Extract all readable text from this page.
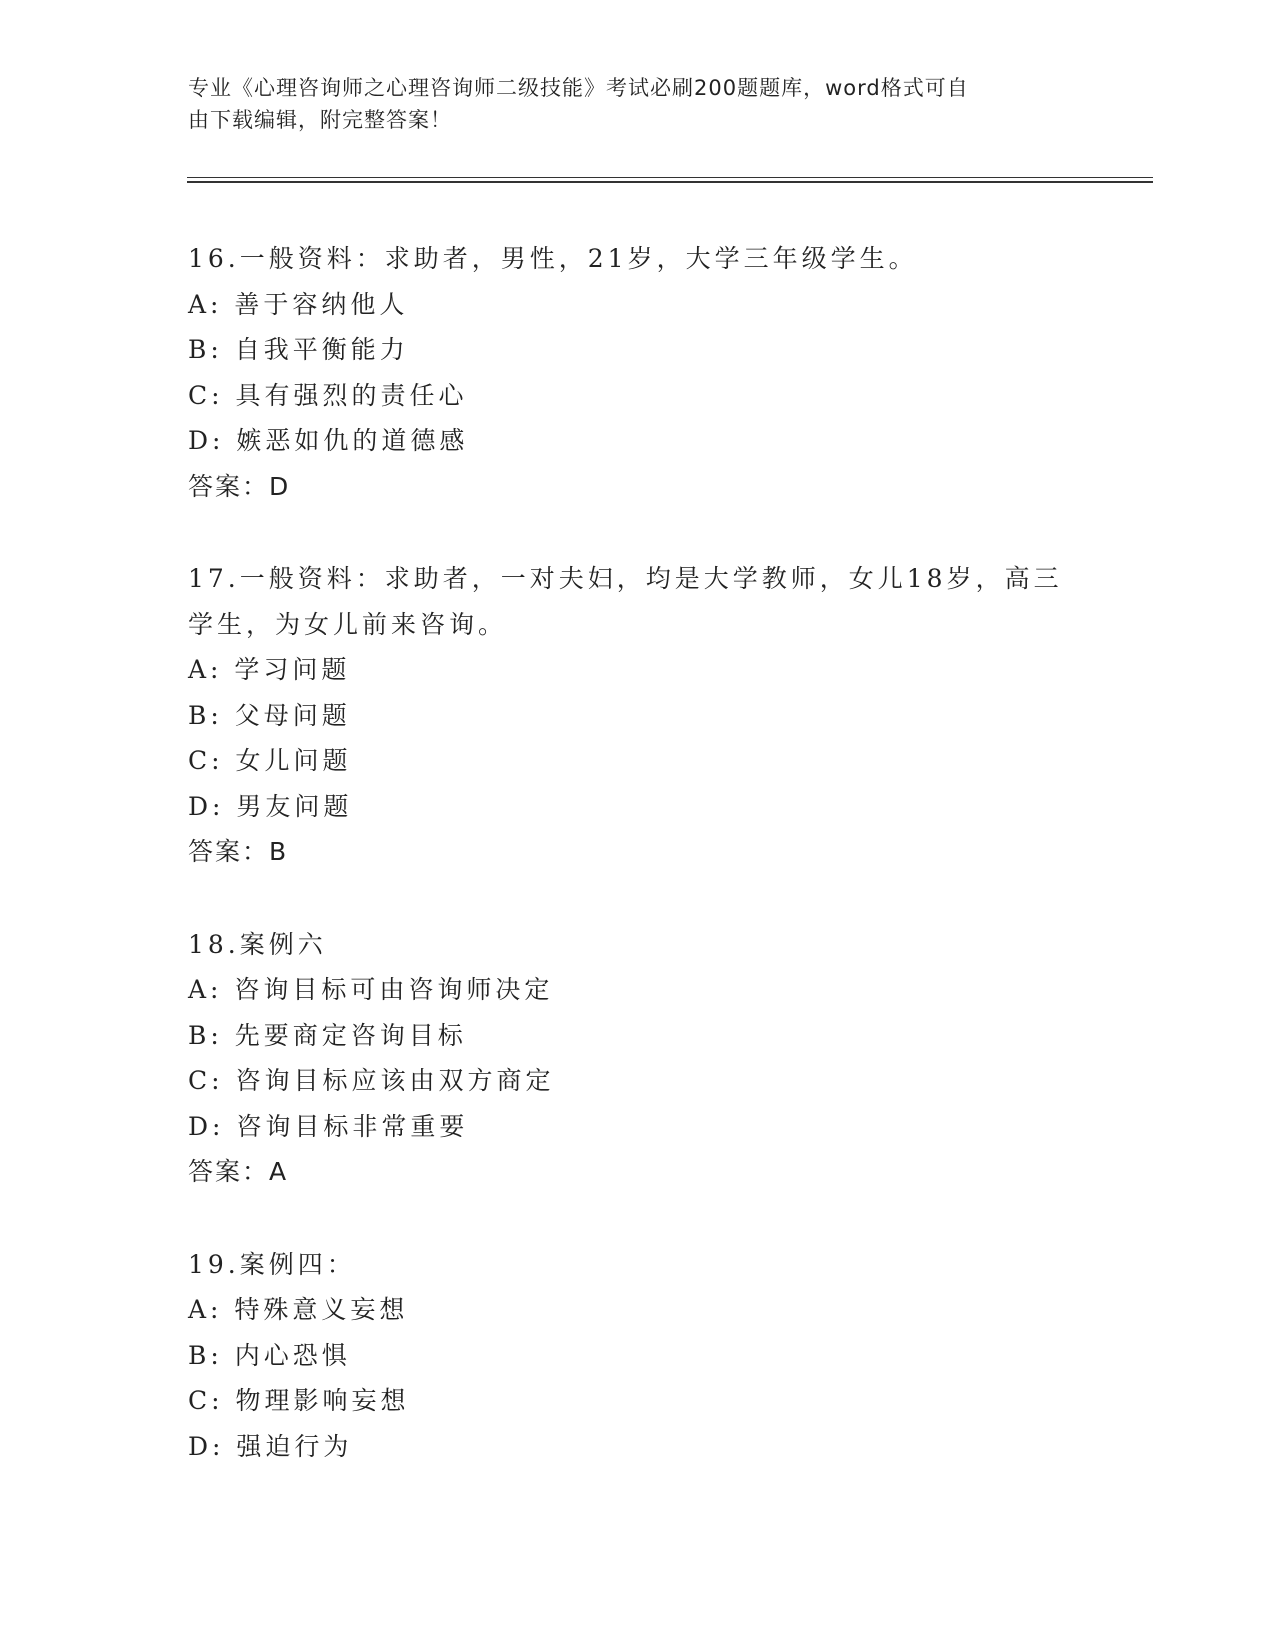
专业《心理咨询师之心理咨询师二级技能》考试必刷200题题库，word格式可自
由下载编辑，附完整答案！
16.一般资料：求助者，男性，21岁，大学三年级学生。
A: 善于容纳他人
B: 自我平衡能力
C: 具有强烈的责任心
D: 嫉恶如仇的道德感
答案：D
17.一般资料：求助者，一对夫妇，均是大学教师，女儿18岁，高三
学生，为女儿前来咨询。
A: 学习问题
B: 父母问题
C: 女儿问题
D: 男友问题
答案：B
18.案例六
A: 咨询目标可由咨询师决定
B: 先要商定咨询目标
C: 咨询目标应该由双方商定
D: 咨询目标非常重要
答案：A
19.案例四：
A: 特殊意义妄想
B: 内心恐惧
C: 物理影响妄想
D: 强迫行为
